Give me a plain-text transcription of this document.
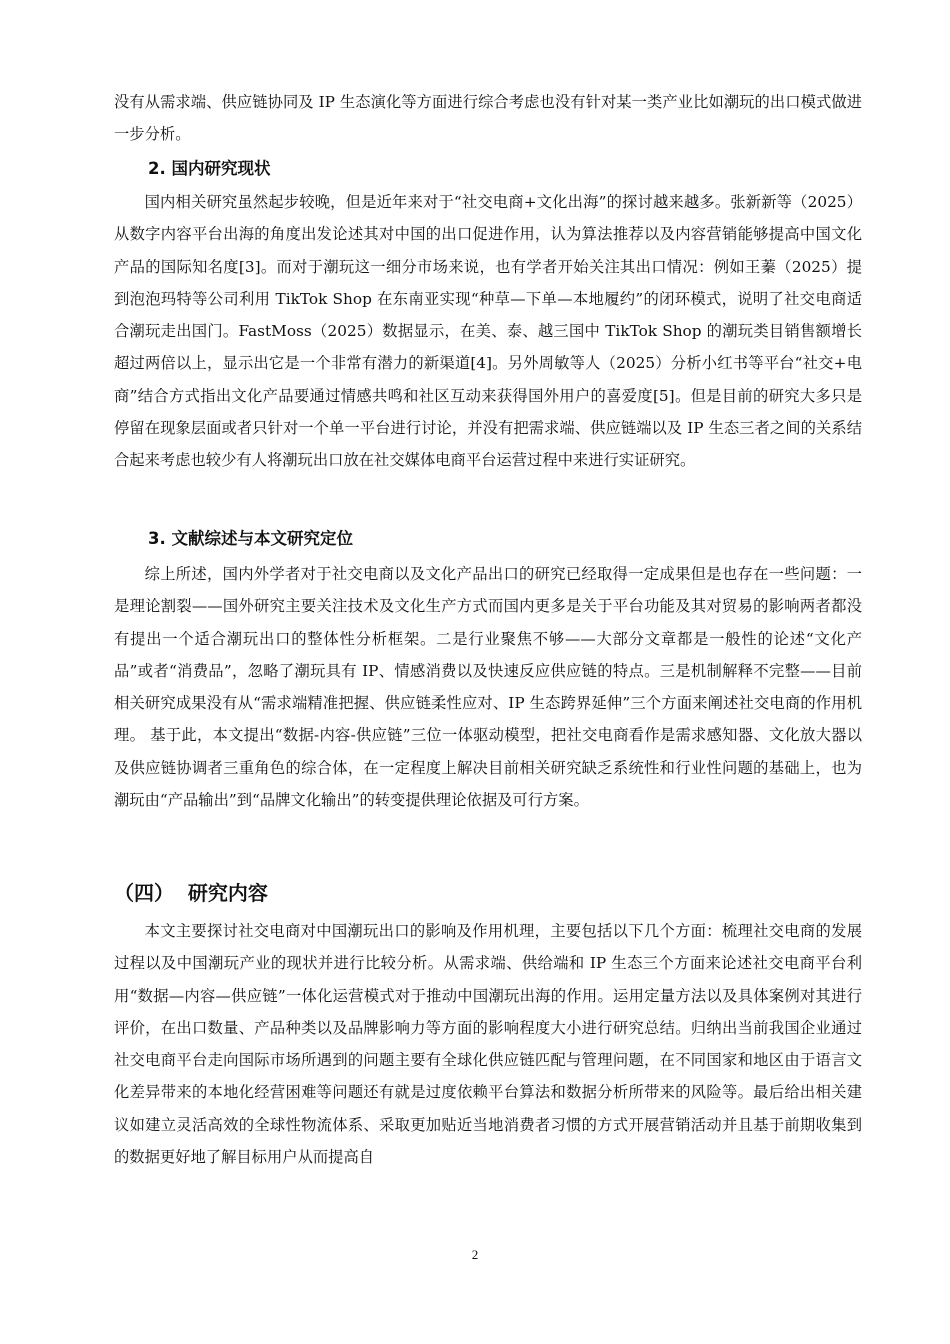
没有从需求端、供应链协同及 IP 生态演化等方面进行综合考虑也没有针对某一类产业比如潮玩的出口模式做进一步分析。

2. 国内研究现状

国内相关研究虽然起步较晚，但是近年来对于“社交电商+文化出海”的探讨越来越多。张新新等（2025）从数字内容平台出海的角度出发论述其对中国的出口促进作用，认为算法推荐以及内容营销能够提高中国文化产品的国际知名度[3]。而对于潮玩这一细分市场来说，也有学者开始关注其出口情况：例如王蓁（2025）提到泡泡玛特等公司利用 TikTok Shop 在东南亚实现“种草—下单—本地履约”的闭环模式，说明了社交电商适合潮玩走出国门。FastMoss（2025）数据显示，在美、泰、越三国中 TikTok Shop 的潮玩类目销售额增长超过两倍以上，显示出它是一个非常有潜力的新渠道[4]。另外周敏等人（2025）分析小红书等平台“社交+电商”结合方式指出文化产品要通过情感共鸣和社区互动来获得国外用户的喜爱度[5]。但是目前的研究大多只是停留在现象层面或者只针对一个单一平台进行讨论，并没有把需求端、供应链端以及 IP 生态三者之间的关系结合起来考虑也较少有人将潮玩出口放在社交媒体电商平台运营过程中来进行实证研究。

3. 文献综述与本文研究定位

综上所述，国内外学者对于社交电商以及文化产品出口的研究已经取得一定成果但是也存在一些问题：一是理论割裂——国外研究主要关注技术及文化生产方式而国内更多是关于平台功能及其对贸易的影响两者都没有提出一个适合潮玩出口的整体性分析框架。二是行业聚焦不够——大部分文章都是一般性的论述“文化产品”或者“消费品”，忽略了潮玩具有 IP、情感消费以及快速反应供应链的特点。三是机制解释不完整——目前相关研究成果没有从“需求端精准把握、供应链柔性应对、IP 生态跨界延伸”三个方面来阐述社交电商的作用机理。 基于此，本文提出“数据-内容-供应链”三位一体驱动模型，把社交电商看作是需求感知器、文化放大器以及供应链协调者三重角色的综合体，在一定程度上解决目前相关研究缺乏系统性和行业性问题的基础上，也为潮玩由“产品输出”到“品牌文化输出”的转变提供理论依据及可行方案。

（四）  研究内容

本文主要探讨社交电商对中国潮玩出口的影响及作用机理，主要包括以下几个方面：梳理社交电商的发展过程以及中国潮玩产业的现状并进行比较分析。从需求端、供给端和 IP 生态三个方面来论述社交电商平台利用“数据—内容—供应链”一体化运营模式对于推动中国潮玩出海的作用。运用定量方法以及具体案例对其进行评价，在出口数量、产品种类以及品牌影响力等方面的影响程度大小进行研究总结。归纳出当前我国企业通过社交电商平台走向国际市场所遇到的问题主要有全球化供应链匹配与管理问题，在不同国家和地区由于语言文化差异带来的本地化经营困难等问题还有就是过度依赖平台算法和数据分析所带来的风险等。最后给出相关建议如建立灵活高效的全球性物流体系、采取更加贴近当地消费者习惯的方式开展营销活动并且基于前期收集到的数据更好地了解目标用户从而提高自

2
